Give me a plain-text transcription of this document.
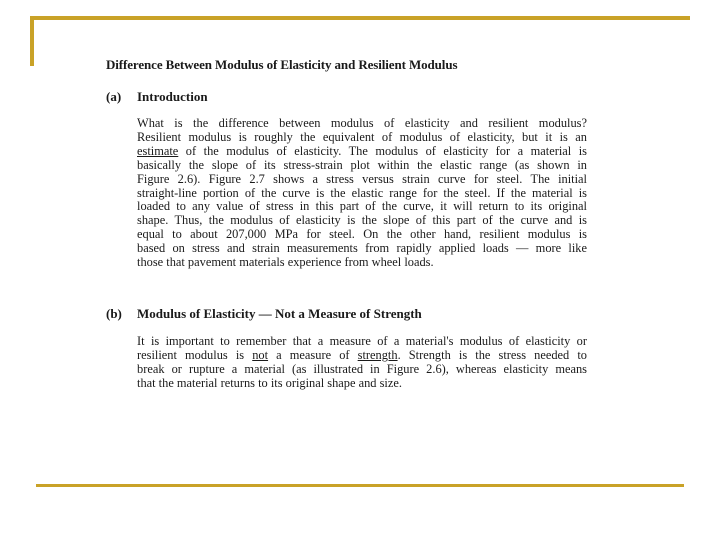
Difference Between Modulus of Elasticity and Resilient Modulus
(a) Introduction
What is the difference between modulus of elasticity and resilient modulus?
Resilient modulus is roughly the equivalent of modulus of elasticity, but it is an
estimate of the modulus of elasticity. The modulus of elasticity for a material is
basically the slope of its stress-strain plot within the elastic range (as shown in
Figure 2.6). Figure 2.7 shows a stress versus strain curve for steel. The initial
straight-line portion of the curve is the elastic range for the steel. If the material is
loaded to any value of stress in this part of the curve, it will return to its original
shape. Thus, the modulus of elasticity is the slope of this part of the curve and is
equal to about 207,000 MPa for steel. On the other hand, resilient modulus is
based on stress and strain measurements from rapidly applied loads — more like
those that pavement materials experience from wheel loads.
(b) Modulus of Elasticity — Not a Measure of Strength
It is important to remember that a measure of a material's modulus of elasticity or
resilient modulus is not a measure of strength. Strength is the stress needed to
break or rupture a material (as illustrated in Figure 2.6), whereas elasticity means
that the material returns to its original shape and size.
